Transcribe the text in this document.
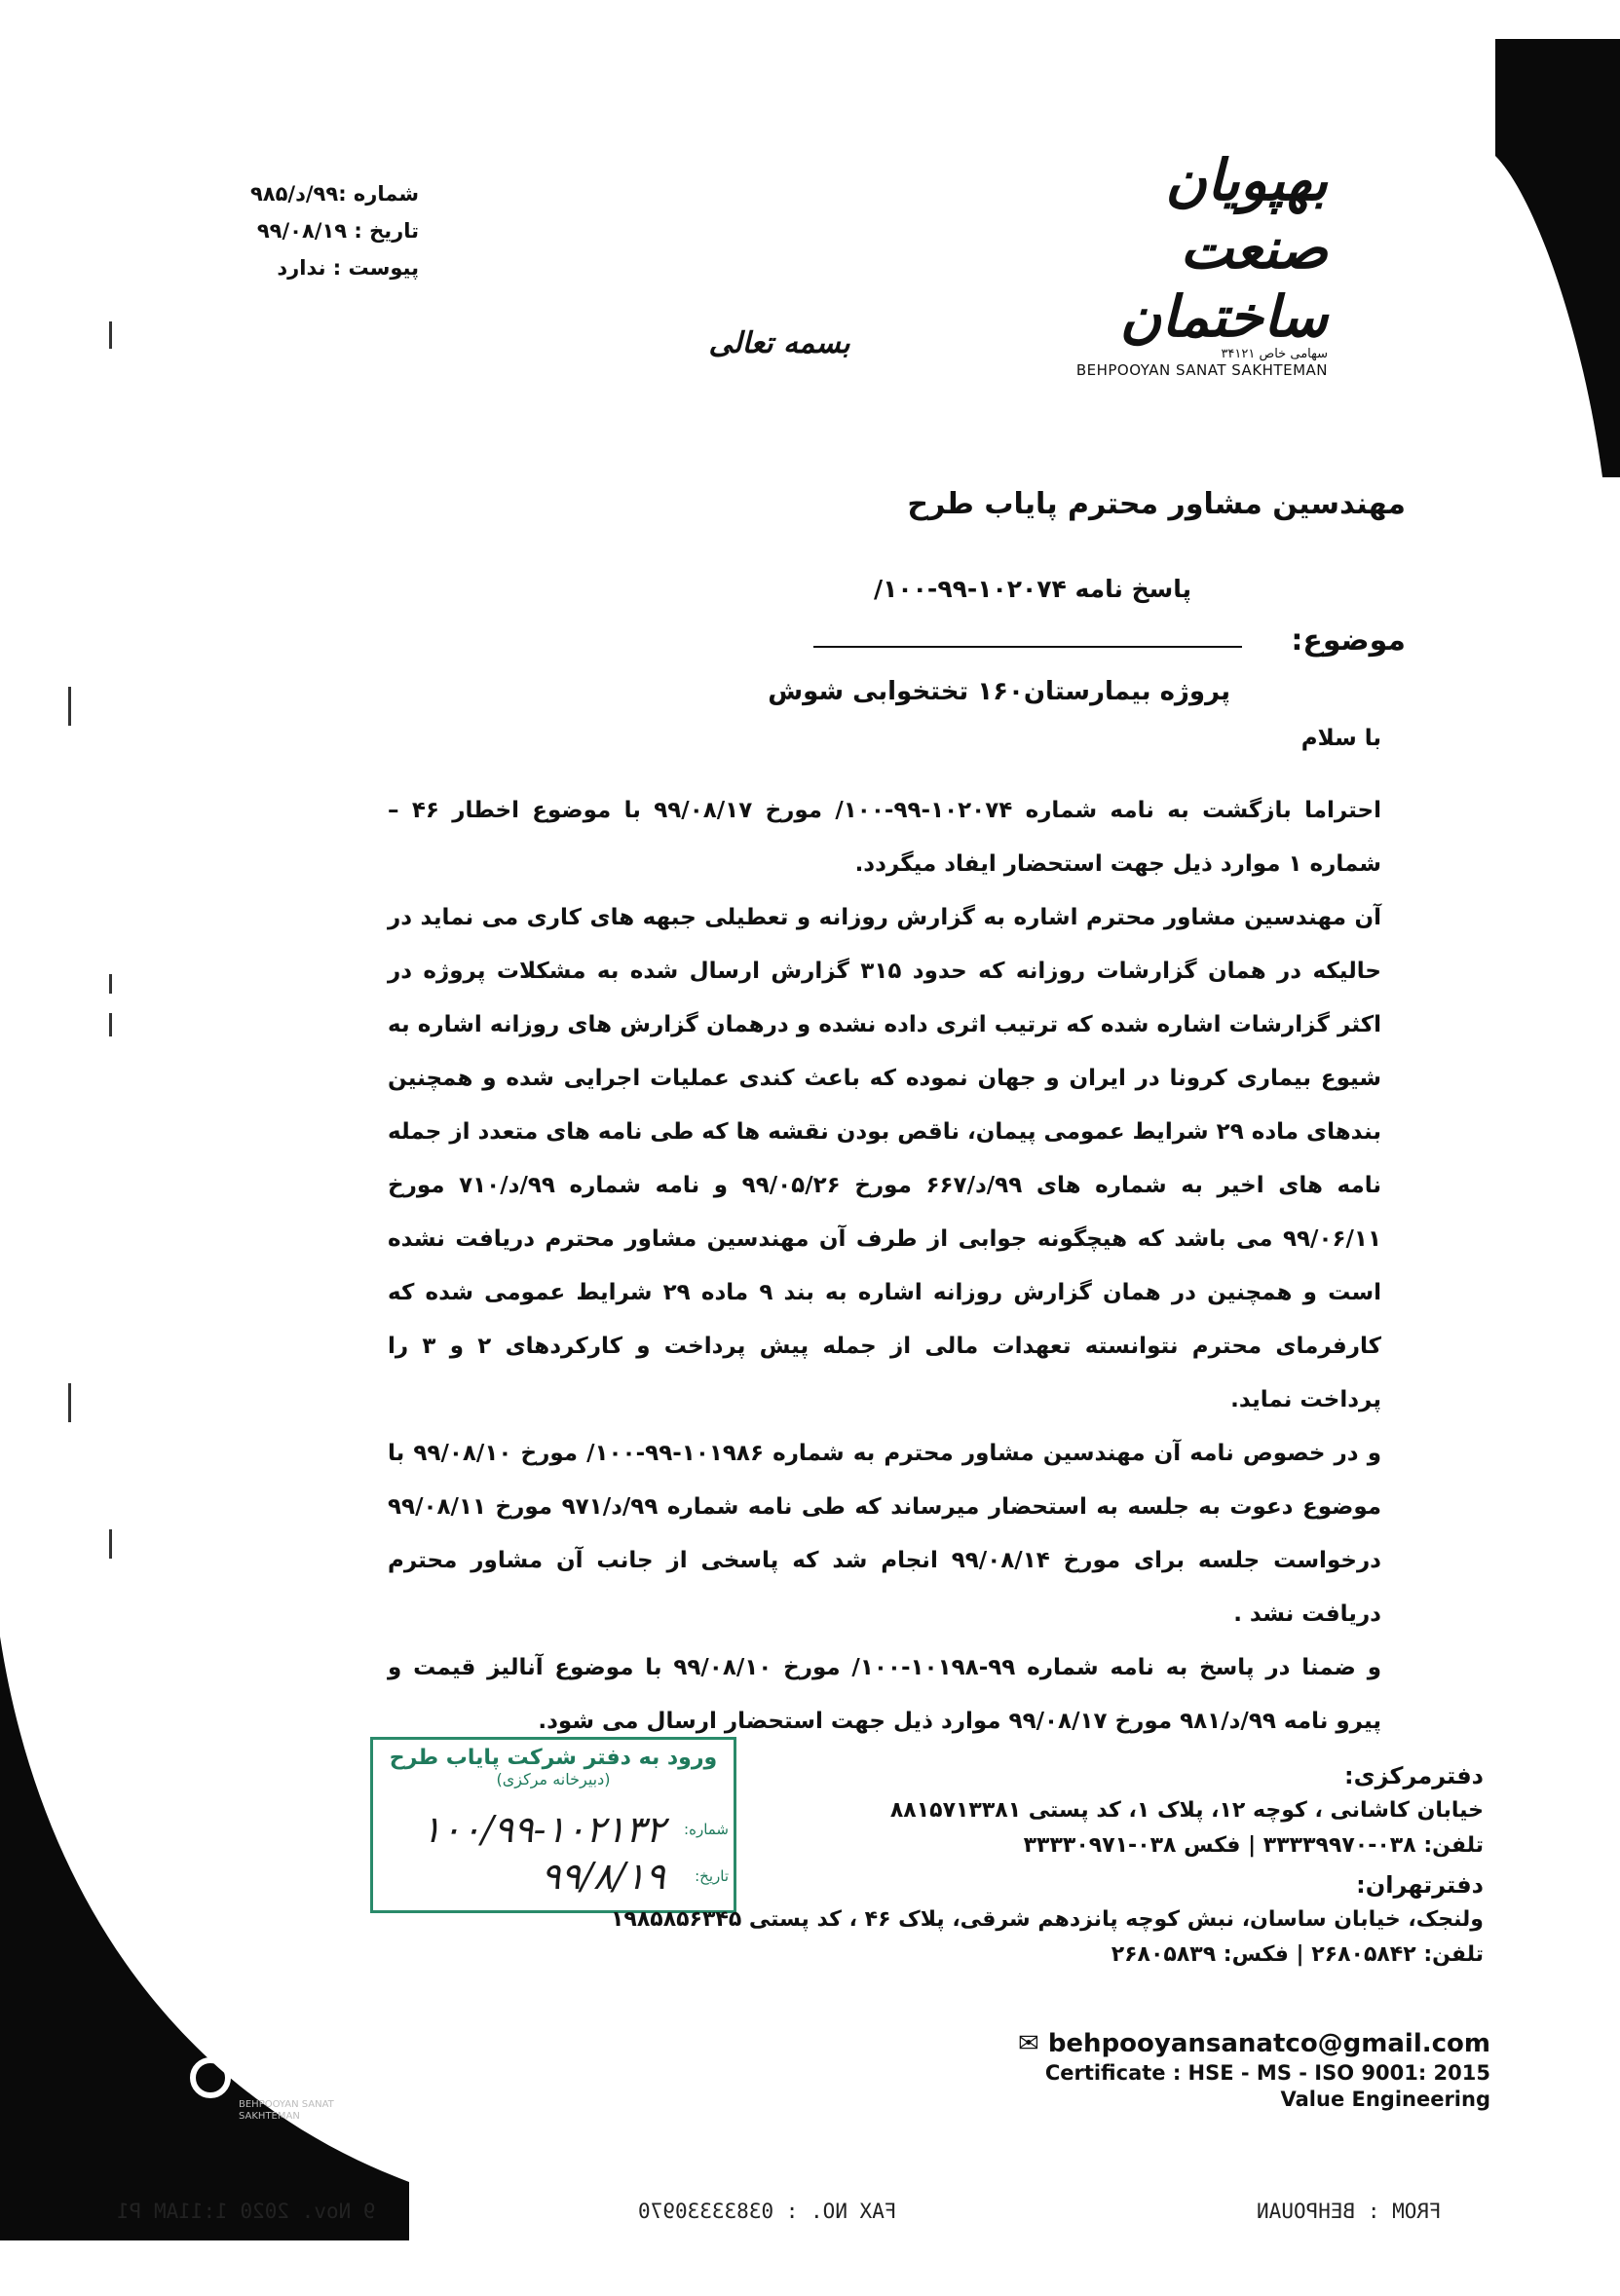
شماره :۹۹/د/۹۸۵
تاریخ : ۹۹/۰۸/۱۹
پیوست : ندارد
بهپویان صنعت ساختمان
سهامی خاص ۳۴۱۲۱
BEHPOOYAN SANAT SAKHTEMAN
بسمه تعالی
مهندسین مشاور محترم پایاب طرح
پاسخ نامه ۱۰۲۰۷۴-۹۹-۱۰۰/
موضوع:
پروژه بیمارستان۱۶۰ تختخوابی شوش
با سلام

احتراما بازگشت به نامه شماره ۱۰۲۰۷۴-۹۹-۱۰۰/ مورخ ۹۹/۰۸/۱۷ با موضوع اخطار ۴۶ – شماره ۱ موارد ذیل جهت استحضار ایفاد میگردد.

آن مهندسین مشاور محترم اشاره به گزارش روزانه و تعطیلی جبهه های کاری می نماید در حالیکه در همان گزارشات روزانه که حدود ۳۱۵ گزارش ارسال شده به مشکلات پروژه در اکثر گزارشات اشاره شده که ترتیب اثری داده نشده و درهمان گزارش های روزانه اشاره به شیوع بیماری کرونا در ایران و جهان نموده که باعث کندی عملیات اجرایی شده و همچنین بندهای ماده ۲۹ شرایط عمومی پیمان، ناقص بودن نقشه ها که طی نامه های متعدد از جمله نامه های اخیر به شماره های ۹۹/د/۶۶۷ مورخ ۹۹/۰۵/۲۶ و نامه شماره ۹۹/د/۷۱۰ مورخ ۹۹/۰۶/۱۱ می باشد که هیچگونه جوابی از طرف آن مهندسین مشاور محترم دریافت نشده است و همچنین در همان گزارش روزانه اشاره به بند ۹ ماده ۲۹ شرایط عمومی شده که کارفرمای محترم نتوانسته تعهدات مالی از جمله پیش پرداخت و کارکردهای ۲ و ۳ را پرداخت نماید.

و در خصوص نامه آن مهندسین مشاور محترم به شماره ۱۰۱۹۸۶-۹۹-۱۰۰/ مورخ ۹۹/۰۸/۱۰ با موضوع دعوت به جلسه به استحضار میرساند که طی نامه شماره ۹۹/د/۹۷۱ مورخ ۹۹/۰۸/۱۱ درخواست جلسه برای مورخ ۹۹/۰۸/۱۴ انجام شد که پاسخی از جانب آن مشاور محترم دریافت نشد .

و ضمنا در پاسخ به نامه شماره ۹۹-۱۰۱۹۸-۱۰۰/ مورخ ۹۹/۰۸/۱۰ با موضوع آنالیز قیمت و پیرو نامه ۹۹/د/۹۸۱ مورخ ۹۹/۰۸/۱۷ موارد ذیل جهت استحضار ارسال می شود.

BEHPOOYAN SANAT SAKHTEMAN
ورود به دفتر شرکت پایاب طرح
(دبیرخانه مرکزی)
شماره: ۱۰۰/۹۹-۱۰۲۱۳۲
تاریخ: ۹۹/۸/۱۹
دفترمرکزی:
خیابان کاشانی ، کوچه ۱۲، پلاک ۱، کد پستی ۸۸۱۵۷۱۳۳۸۱
تلفن: ۰۳۸-۳۳۳۳۹۹۷۰ | فکس ۰۳۸-۳۳۳۳۰۹۷۱
دفترتهران:
ولنجک، خیابان ساسان، نبش کوچه پانزدهم شرقی، پلاک ۴۶ ، کد پستی ۱۹۸۵۸۵۶۳۴۵
تلفن: ۲۶۸۰۵۸۴۲ | فکس: ۲۶۸۰۵۸۳۹
✉ behpooyansanatco@gmail.com
Certificate : HSE - MS - ISO 9001: 2015
Value Engineering
9 Nov. 2020 1:11AM P1	FAX NO. : 03833330970	FROM : BEHPOUAN
